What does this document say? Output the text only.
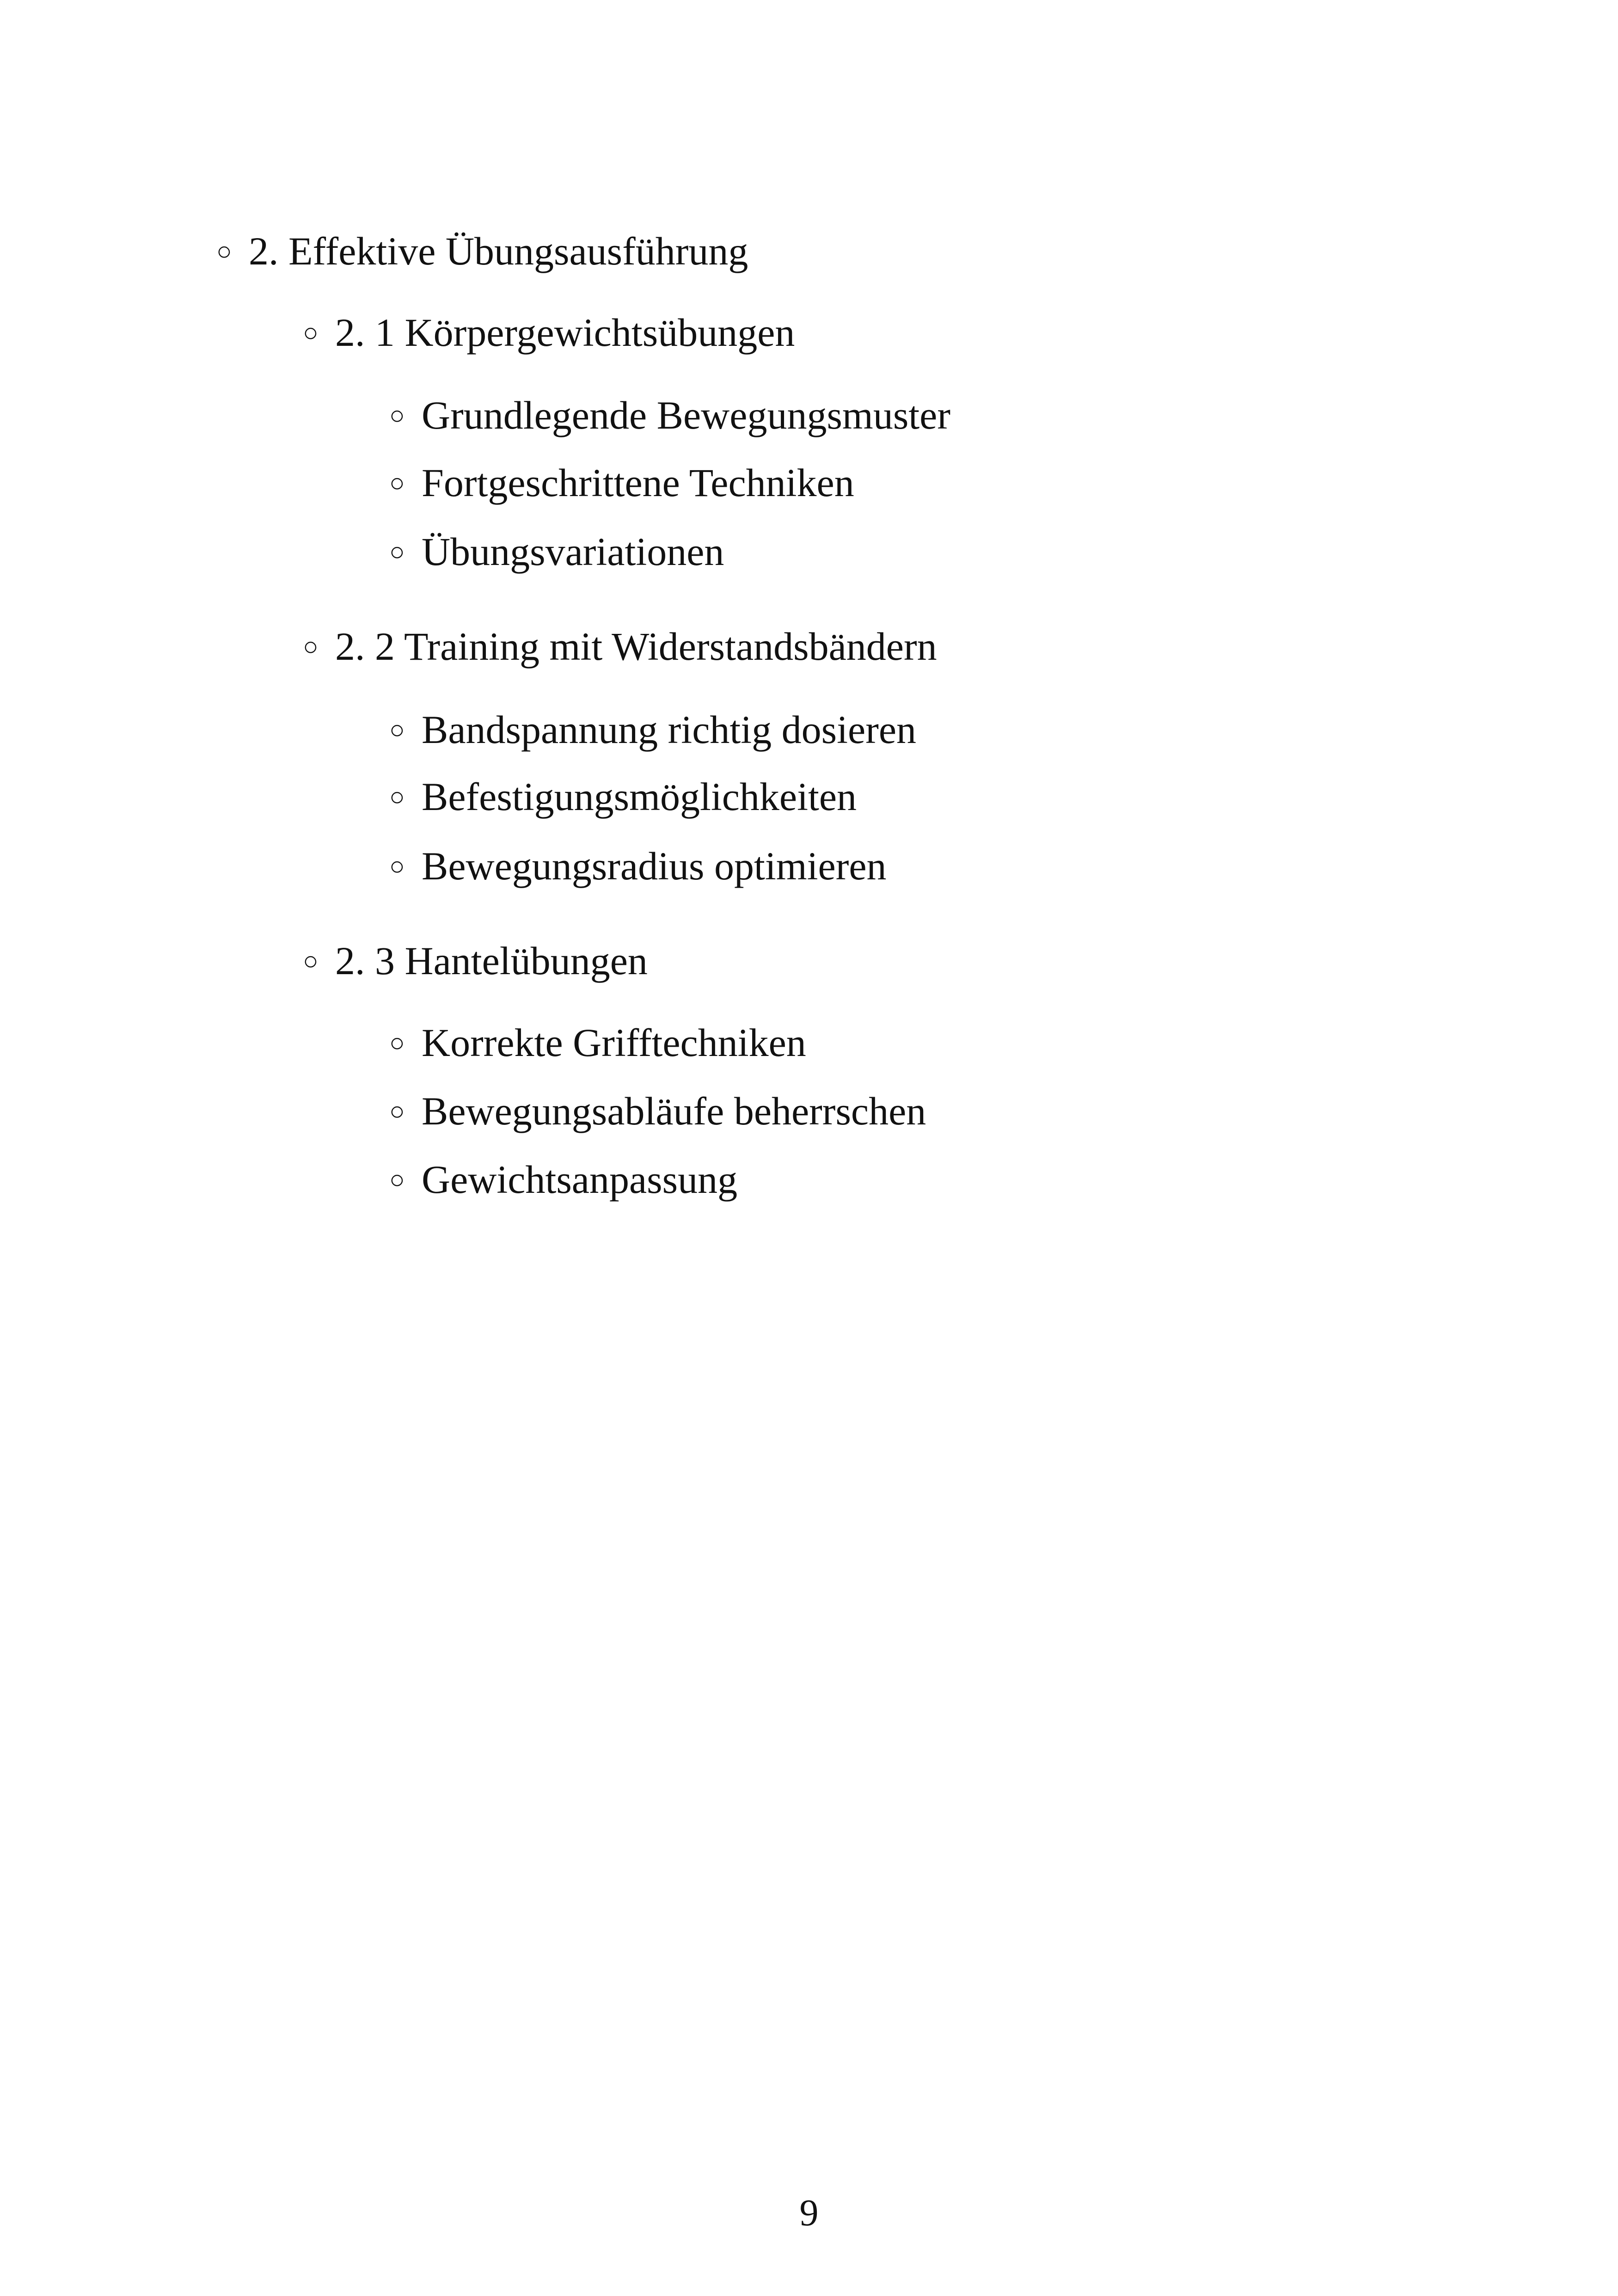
○ 2. Effektive Übungsausführung
○ 2. 1 Körpergewichtsübungen
○ Grundlegende Bewegungsmuster
○ Fortgeschrittene Techniken
○ Übungsvariationen
○ 2. 2 Training mit Widerstandsbändern
○ Bandspannung richtig dosieren
○ Befestigungsmöglichkeiten
○ Bewegungsradius optimieren
○ 2. 3 Hantelübungen
○ Korrekte Grifftechniken
○ Bewegungsabläufe beherrschen
○ Gewichtsanpassung
9
